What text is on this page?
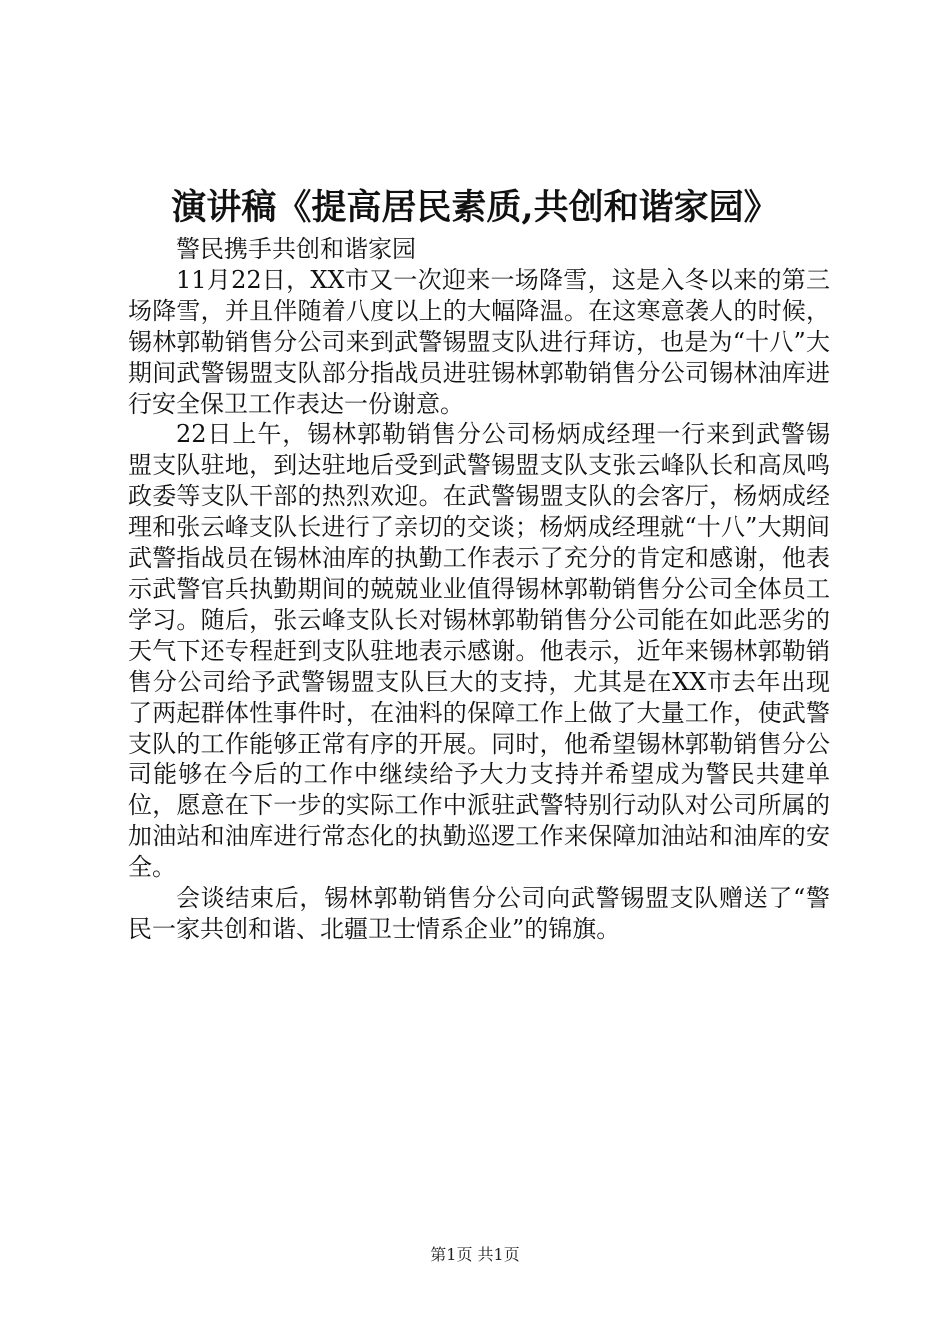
演讲稿《提高居民素质,共创和谐家园》

警民携手共创和谐家园

11月22日，XX市又一次迎来一场降雪，这是入冬以来的第三场降雪，并且伴随着八度以上的大幅降温。在这寒意袭人的时候，锡林郭勒销售分公司来到武警锡盟支队进行拜访，也是为“十八”大期间武警锡盟支队部分指战员进驻锡林郭勒销售分公司锡林油库进行安全保卫工作表达一份谢意。

22日上午，锡林郭勒销售分公司杨炳成经理一行来到武警锡盟支队驻地，到达驻地后受到武警锡盟支队支张云峰队长和高凤鸣政委等支队干部的热烈欢迎。在武警锡盟支队的会客厅，杨炳成经理和张云峰支队长进行了亲切的交谈；杨炳成经理就“十八”大期间武警指战员在锡林油库的执勤工作表示了充分的肯定和感谢，他表示武警官兵执勤期间的兢兢业业值得锡林郭勒销售分公司全体员工学习。随后，张云峰支队长对锡林郭勒销售分公司能在如此恶劣的天气下还专程赶到支队驻地表示感谢。他表示，近年来锡林郭勒销售分公司给予武警锡盟支队巨大的支持，尤其是在XX市去年出现了两起群体性事件时，在油料的保障工作上做了大量工作，使武警支队的工作能够正常有序的开展。同时，他希望锡林郭勒销售分公司能够在今后的工作中继续给予大力支持并希望成为警民共建单位，愿意在下一步的实际工作中派驻武警特别行动队对公司所属的加油站和油库进行常态化的执勤巡逻工作来保障加油站和油库的安全。

会谈结束后，锡林郭勒销售分公司向武警锡盟支队赠送了“警民一家共创和谐、北疆卫士情系企业”的锦旗。

第1页 共1页
